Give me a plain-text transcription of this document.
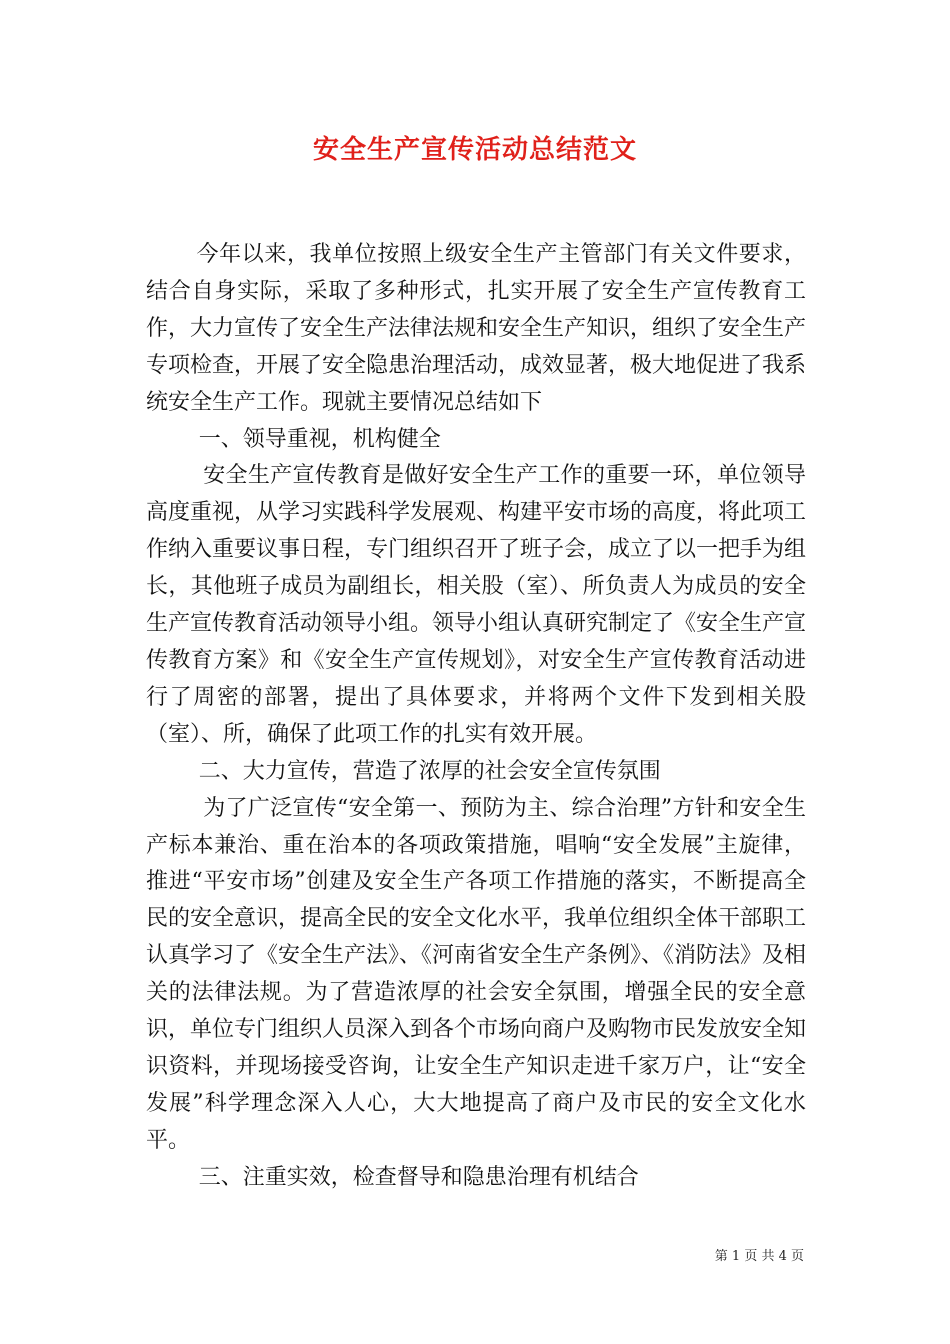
安全生产宣传活动总结范文

今年以来，我单位按照上级安全生产主管部门有关文件要求，结合自身实际，采取了多种形式，扎实开展了安全生产宣传教育工作，大力宣传了安全生产法律法规和安全生产知识，组织了安全生产专项检查，开展了安全隐患治理活动，成效显著，极大地促进了我系统安全生产工作。现就主要情况总结如下

一、领导重视，机构健全

安全生产宣传教育是做好安全生产工作的重要一环，单位领导高度重视，从学习实践科学发展观、构建平安市场的高度，将此项工作纳入重要议事日程，专门组织召开了班子会，成立了以一把手为组长，其他班子成员为副组长，相关股（室）、所负责人为成员的安全生产宣传教育活动领导小组。领导小组认真研究制定了《安全生产宣传教育方案》和《安全生产宣传规划》，对安全生产宣传教育活动进行了周密的部署，提出了具体要求，并将两个文件下发到相关股（室）、所，确保了此项工作的扎实有效开展。

二、大力宣传，营造了浓厚的社会安全宣传氛围

为了广泛宣传“安全第一、预防为主、综合治理”方针和安全生产标本兼治、重在治本的各项政策措施，唱响“安全发展”主旋律，推进“平安市场”创建及安全生产各项工作措施的落实，不断提高全民的安全意识，提高全民的安全文化水平，我单位组织全体干部职工认真学习了《安全生产法》、《河南省安全生产条例》、《消防法》及相关的法律法规。为了营造浓厚的社会安全氛围，增强全民的安全意识，单位专门组织人员深入到各个市场向商户及购物市民发放安全知识资料，并现场接受咨询，让安全生产知识走进千家万户，让“安全发展”科学理念深入人心，大大地提高了商户及市民的安全文化水平。

三、注重实效，检查督导和隐患治理有机结合

第 1 页 共 4 页
